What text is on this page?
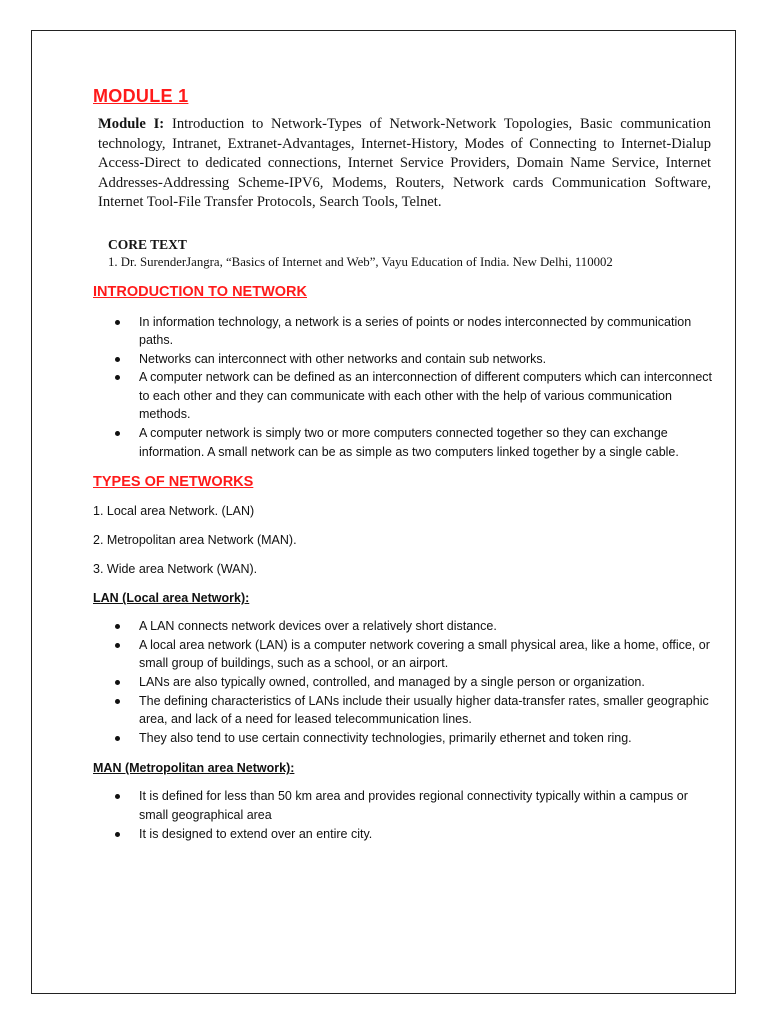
MODULE 1

Module I: Introduction to Network-Types of Network-Network Topologies, Basic communication technology, Intranet, Extranet-Advantages, Internet-History, Modes of Connecting to Internet-Dialup Access-Direct to dedicated connections, Internet Service Providers, Domain Name Service, Internet Addresses-Addressing Scheme-IPV6, Modems, Routers, Network cards Communication Software, Internet Tool-File Transfer Protocols, Search Tools, Telnet.

CORE TEXT

1. Dr. SurenderJangra, “Basics of Internet and Web”, Vayu Education of India. New Delhi, 110002

INTRODUCTION TO NETWORK
In information technology, a network is a series of points or nodes interconnected by communication paths.
Networks can interconnect with other networks and contain sub networks.
A computer network can be defined as an interconnection of different computers which can interconnect to each other and they can communicate with each other with the help of various communication methods.
A computer network is simply two or more computers connected together so they can exchange information. A small network can be as simple as two computers linked together by a single cable.
TYPES OF NETWORKS

1. Local area Network. (LAN)

2. Metropolitan area Network (MAN).

3. Wide area Network (WAN).

LAN (Local area Network):
A LAN connects network devices over a relatively short distance.
A local area network (LAN) is a computer network covering a small physical area, like a home, office, or small group of buildings, such as a school, or an airport.
LANs are also typically owned, controlled, and managed by a single person or organization.
The defining characteristics of LANs include their usually higher data-transfer rates, smaller geographic area, and lack of a need for leased telecommunication lines.
They also tend to use certain connectivity technologies, primarily ethernet and token ring.
MAN (Metropolitan area Network):
It is defined for less than 50 km area and provides regional connectivity typically within a campus or small geographical area
It is designed to extend over an entire city.
